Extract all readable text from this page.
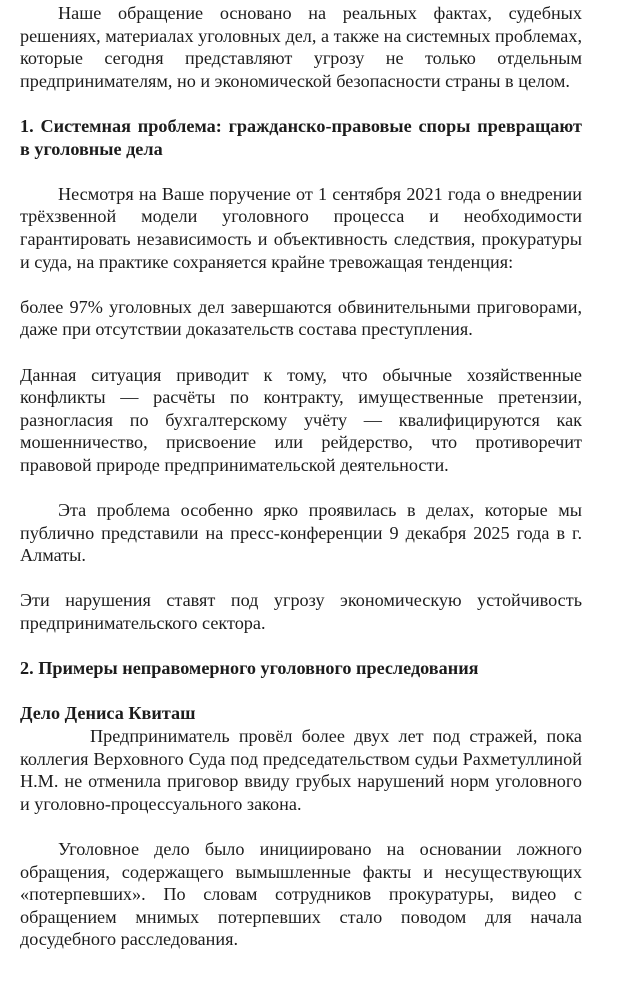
Наше обращение основано на реальных фактах, судебных решениях, материалах уголовных дел, а также на системных проблемах, которые сегодня представляют угрозу не только отдельным предпринимателям, но и экономической безопасности страны в целом.

1. Системная проблема: гражданско-правовые споры превращают в уголовные дела

Несмотря на Ваше поручение от 1 сентября 2021 года о внедрении трёхзвенной модели уголовного процесса и необходимости гарантировать независимость и объективность следствия, прокуратуры и суда, на практике сохраняется крайне тревожащая тенденция:

более 97% уголовных дел завершаются обвинительными приговорами, даже при отсутствии доказательств состава преступления.

Данная ситуация приводит к тому, что обычные хозяйственные конфликты — расчёты по контракту, имущественные претензии, разногласия по бухгалтерскому учёту — квалифицируются как мошенничество, присвоение или рейдерство, что противоречит правовой природе предпринимательской деятельности.

Эта проблема особенно ярко проявилась в делах, которые мы публично представили на пресс-конференции 9 декабря 2025 года в г. Алматы.

Эти нарушения ставят под угрозу экономическую устойчивость предпринимательского сектора.

2. Примеры неправомерного уголовного преследования

Дело Дениса Квиташ

Предприниматель провёл более двух лет под стражей, пока коллегия Верховного Суда под председательством судьи Рахметуллиной Н.М. не отменила приговор ввиду грубых нарушений норм уголовного и уголовно-процессуального закона.

Уголовное дело было инициировано на основании ложного обращения, содержащего вымышленные факты и несуществующих «потерпевших». По словам сотрудников прокуратуры, видео с обращением мнимых потерпевших стало поводом для начала досудебного расследования.
